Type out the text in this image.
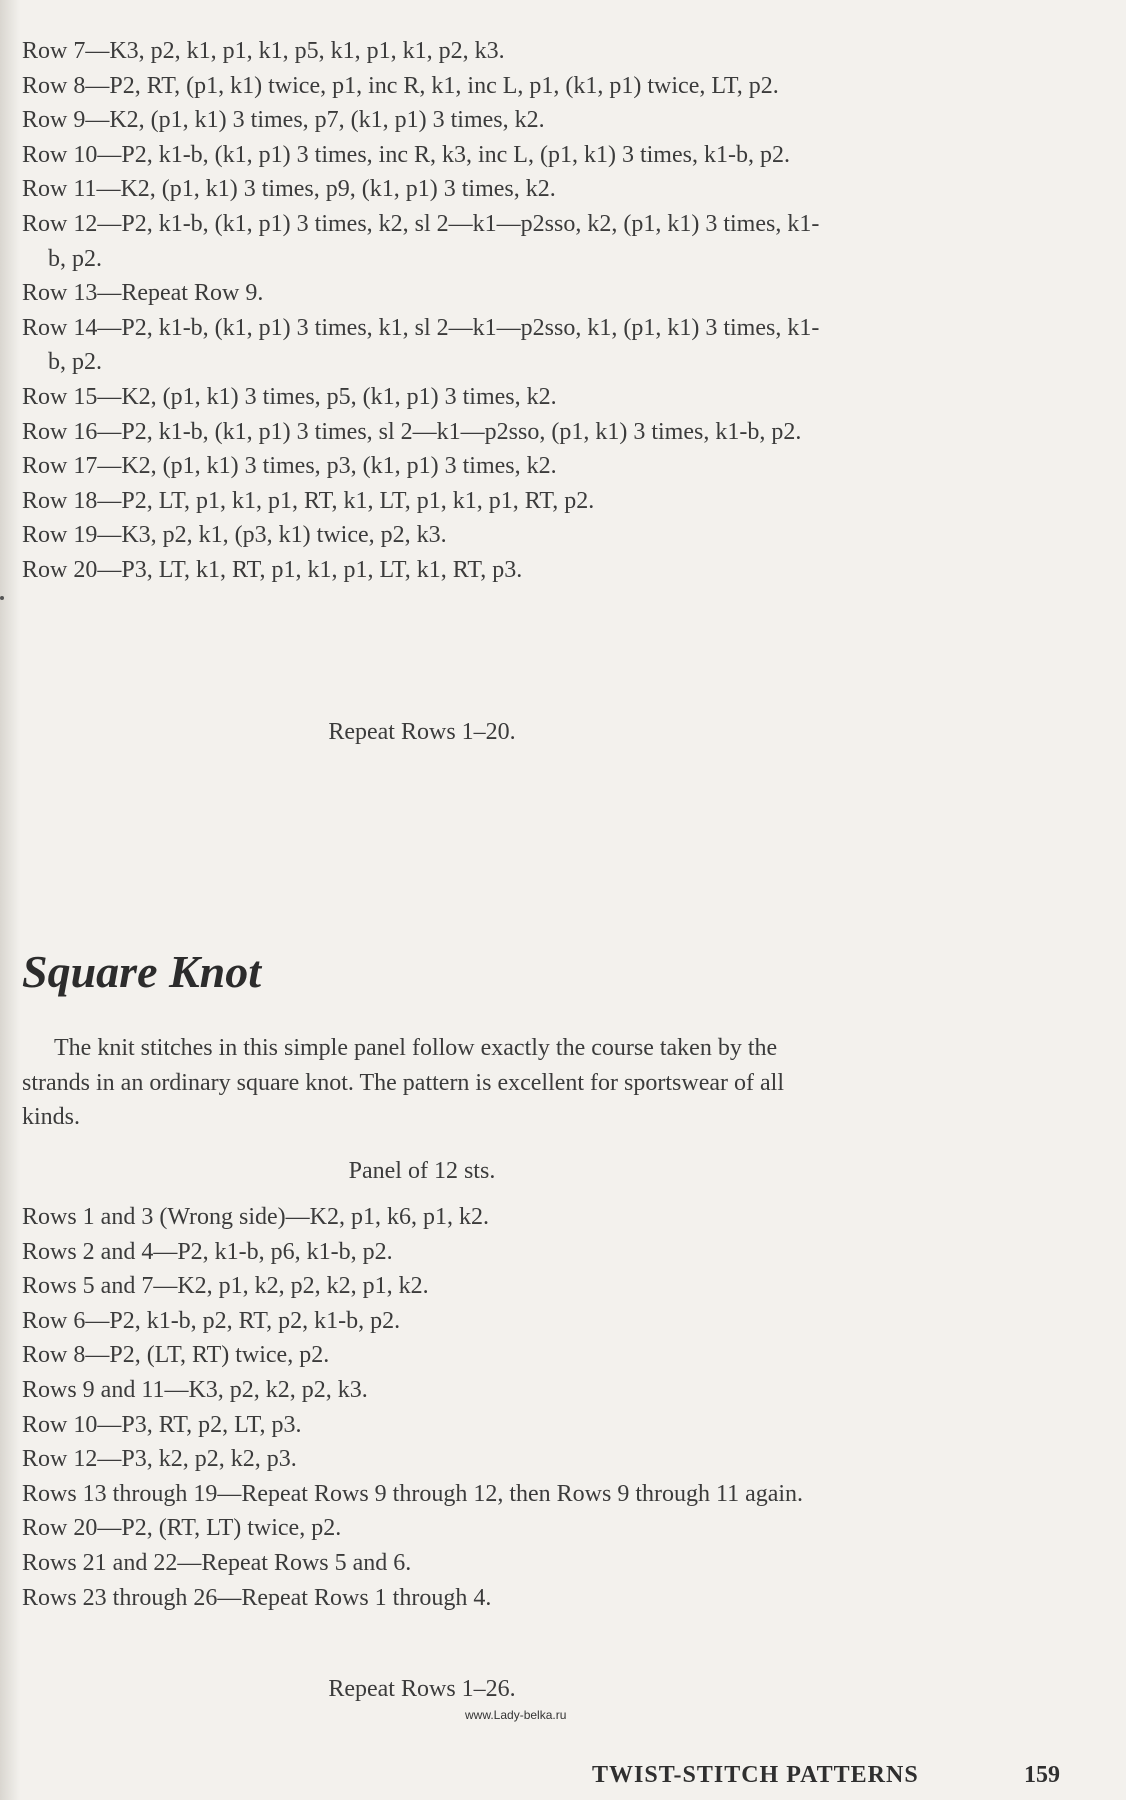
Row 7—K3, p2, k1, p1, k1, p5, k1, p1, k1, p2, k3.

Row 8—P2, RT, (p1, k1) twice, p1, inc R, k1, inc L, p1, (k1, p1) twice, LT, p2.

Row 9—K2, (p1, k1) 3 times, p7, (k1, p1) 3 times, k2.

Row 10—P2, k1-b, (k1, p1) 3 times, inc R, k3, inc L, (p1, k1) 3 times, k1-b, p2.

Row 11—K2, (p1, k1) 3 times, p9, (k1, p1) 3 times, k2.

Row 12—P2, k1-b, (k1, p1) 3 times, k2, sl 2—k1—p2sso, k2, (p1, k1) 3 times, k1-b, p2.

Row 13—Repeat Row 9.

Row 14—P2, k1-b, (k1, p1) 3 times, k1, sl 2—k1—p2sso, k1, (p1, k1) 3 times, k1-b, p2.

Row 15—K2, (p1, k1) 3 times, p5, (k1, p1) 3 times, k2.

Row 16—P2, k1-b, (k1, p1) 3 times, sl 2—k1—p2sso, (p1, k1) 3 times, k1-b, p2.

Row 17—K2, (p1, k1) 3 times, p3, (k1, p1) 3 times, k2.

Row 18—P2, LT, p1, k1, p1, RT, k1, LT, p1, k1, p1, RT, p2.

Row 19—K3, p2, k1, (p3, k1) twice, p2, k3.

Row 20—P3, LT, k1, RT, p1, k1, p1, LT, k1, RT, p3.

Repeat Rows 1–20.

Square Knot

The knit stitches in this simple panel follow exactly the course taken by the strands in an ordinary square knot. The pattern is excellent for sportswear of all kinds.

Panel of 12 sts.

Rows 1 and 3 (Wrong side)—K2, p1, k6, p1, k2.

Rows 2 and 4—P2, k1-b, p6, k1-b, p2.

Rows 5 and 7—K2, p1, k2, p2, k2, p1, k2.

Row 6—P2, k1-b, p2, RT, p2, k1-b, p2.

Row 8—P2, (LT, RT) twice, p2.

Rows 9 and 11—K3, p2, k2, p2, k3.

Row 10—P3, RT, p2, LT, p3.

Row 12—P3, k2, p2, k2, p3.

Rows 13 through 19—Repeat Rows 9 through 12, then Rows 9 through 11 again.

Row 20—P2, (RT, LT) twice, p2.

Rows 21 and 22—Repeat Rows 5 and 6.

Rows 23 through 26—Repeat Rows 1 through 4.

Repeat Rows 1–26.

www.Lady-belka.ru

TWIST-STITCH PATTERNS	159
